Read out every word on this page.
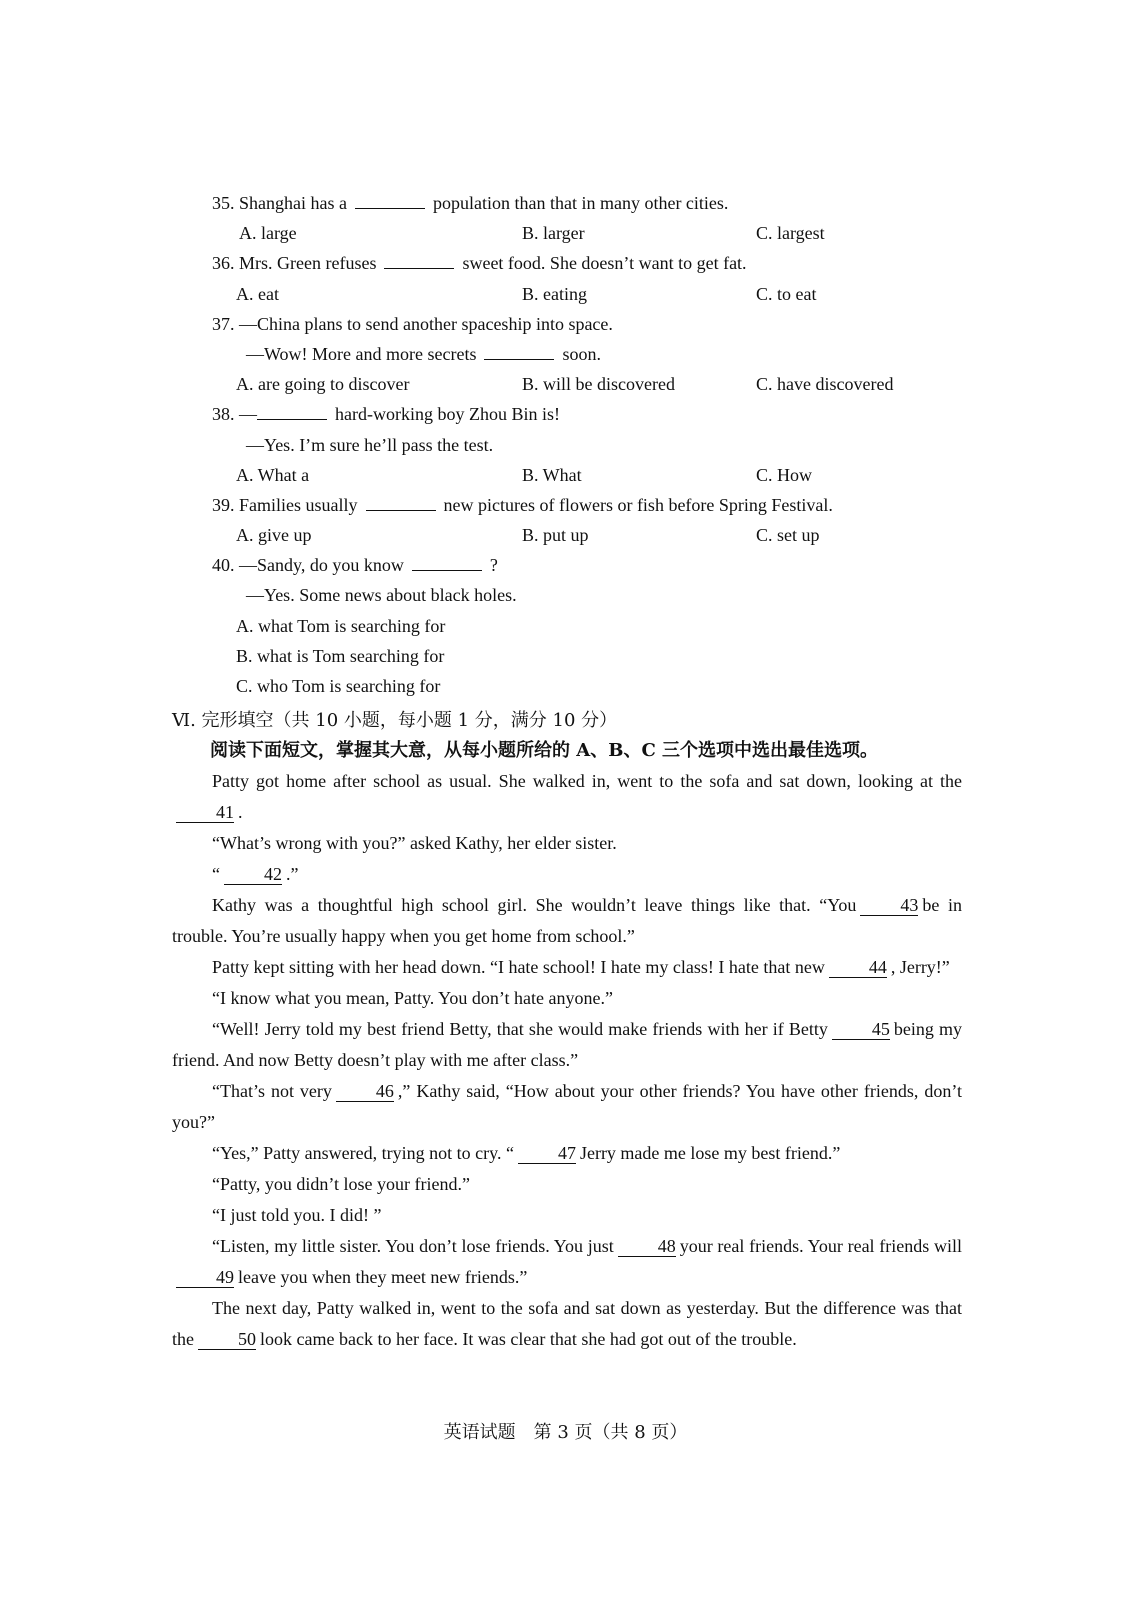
35. Shanghai has a	population than that in many other cities.
A. large	B. larger	C. largest
36. Mrs. Green refuses	sweet food. She doesn’t want to get fat.
A. eat	B. eating	C. to eat
37. —China plans to send another spaceship into space.
—Wow! More and more secrets	soon.
A. are going to discover	B. will be discovered	C. have discovered
38. —	hard-working boy Zhou Bin is!
—Yes. I’m sure he’ll pass the test.
A. What a	B. What	C. How
39. Families usually	new pictures of flowers or fish before Spring Festival.
A. give up	B. put up	C. set up
40. —Sandy, do you know	?
—Yes. Some news about black holes.
A. what Tom is searching for
B. what is Tom searching for
C. who Tom is searching for
Ⅵ. 完形填空（共 10 小题，每小题 1 分，满分 10 分）
阅读下面短文，掌握其大意，从每小题所给的 A、B、C 三个选项中选出最佳选项。

Patty got home after school as usual. She walked in, went to the sofa and sat down, looking at the41 .

“What’s wrong with you?” asked Kathy, her elder sister.

“ 42 .”

Kathy was a thoughtful high school girl. She wouldn’t leave things like that. “You 43 be in trouble. You’re usually happy when you get home from school.”

Patty kept sitting with her head down. “I hate school! I hate my class! I hate that new 44 , Jerry!”

“I know what you mean, Patty. You don’t hate anyone.”

“Well! Jerry told my best friend Betty, that she would make friends with her if Betty 45 being my friend. And now Betty doesn’t play with me after class.”

“That’s not very 46 ,” Kathy said, “How about your other friends? You have other friends, don’t you?”

“Yes,” Patty answered, trying not to cry. “ 47 Jerry made me lose my best friend.”

“Patty, you didn’t lose your friend.”

“I just told you. I did! ”

“Listen, my little sister. You don’t lose friends. You just 48 your real friends. Your real friends will49 leave you when they meet new friends.”

The next day, Patty walked in, went to the sofa and sat down as yesterday. But the difference was that the 50 look came back to her face. It was clear that she had got out of the trouble.

英语试题　第 3 页（共 8 页）
